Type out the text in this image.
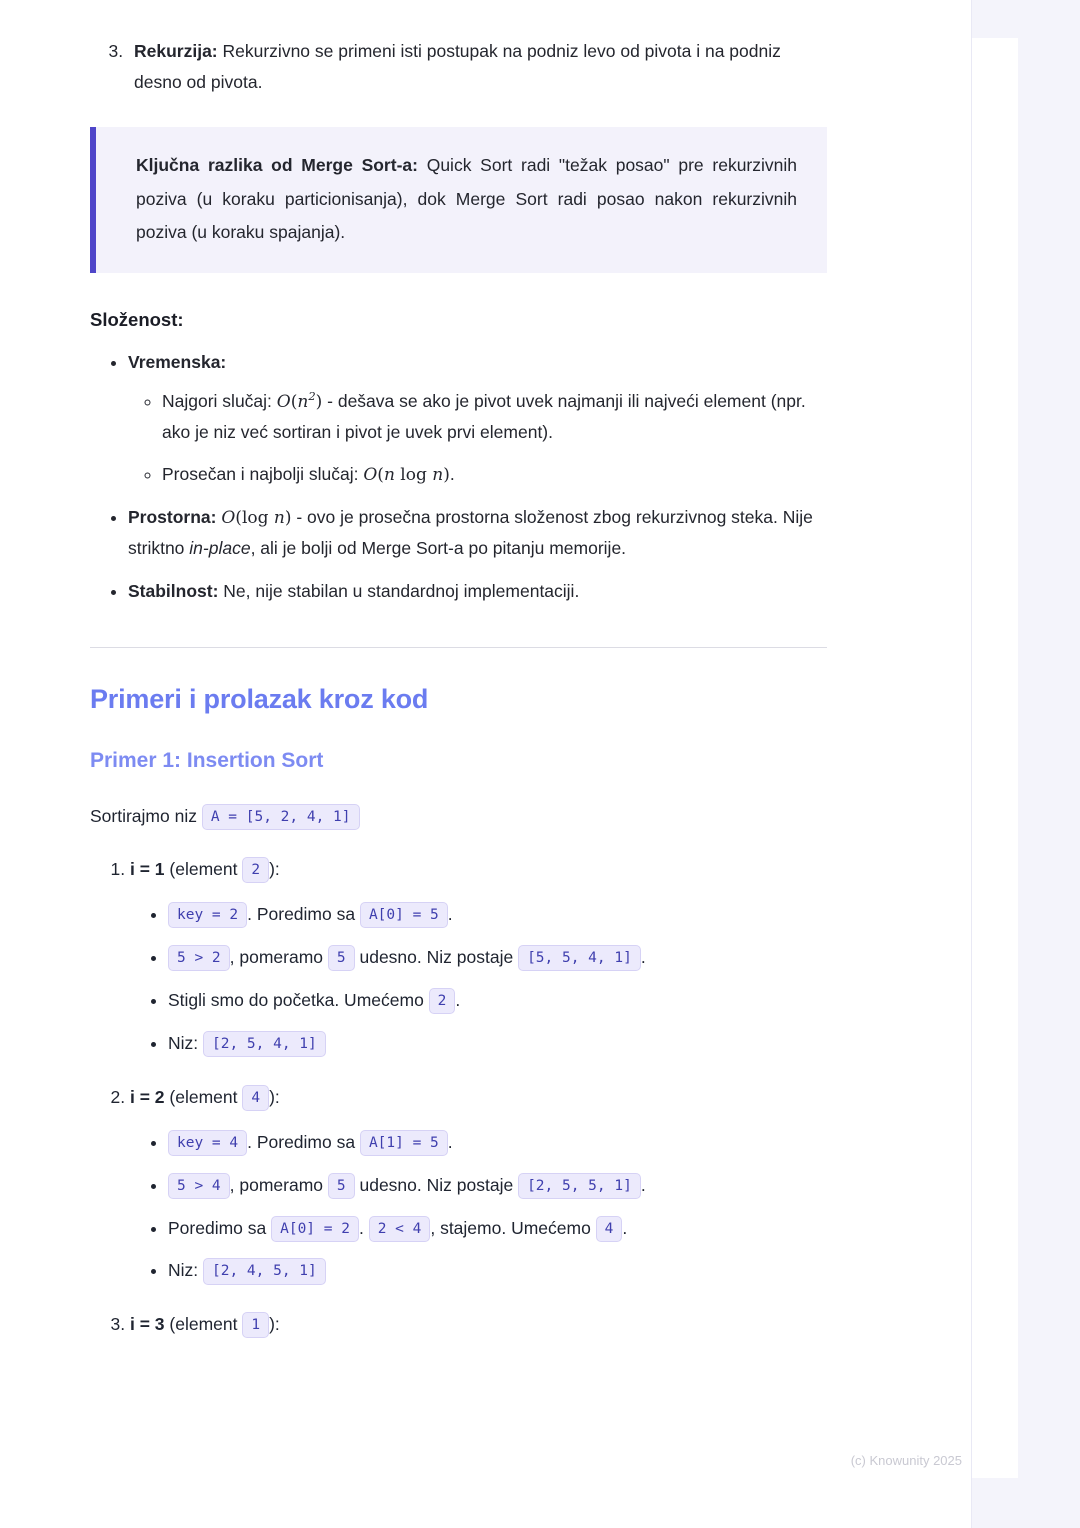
3. Rekurzija: Rekurzivno se primeni isti postupak na podniz levo od pivota i na podniz desno od pivota.

Ključna razlika od Merge Sort-a: Quick Sort radi "težak posao" pre rekurzivnih poziva (u koraku particionisanja), dok Merge Sort radi posao nakon rekurzivnih poziva (u koraku spajanja).

Složenost:
• Vremenska:
◦ Najgori slučaj: $O(n^2)$ - dešava se ako je pivot uvek najmanji ili najveći element (npr. ako je niz već sortiran i pivot je uvek prvi element).
◦ Prosečan i najbolji slučaj: O(n log n).
• Prostorna: O(log n) - ovo je prosečna prostorna složenost zbog rekurzivnog steka. Nije striktno in-place, ali je bolji od Merge Sort-a po pitanju memorije.
• Stabilnost: Ne, nije stabilan u standardnoj implementaciji.
Primeri i prolazak kroz kod
Primer 1: Insertion Sort
Sortirajmo niz A = [5, 2, 4, 1]
1. i = 1 (element 2 ):
• key = 2 . Poredimo sa A[0] = 5 .
• 5 > 2 , pomeramo 5 udesno. Niz postaje [5, 5, 4, 1] .
• Stigli smo do početka. Umećemo 2 .
• Niz: [2, 5, 4, 1]
2. i = 2 (element 4 ):
• key = 4 . Poredimo sa A[1] = 5 .
• 5 > 4 , pomeramo 5 udesno. Niz postaje [2, 5, 5, 1] .
• Poredimo sa A[0] = 2 . 2 < 4 , stajemo. Umećemo 4 .
• Niz: [2, 4, 5, 1]
3. i = 3 (element 1 ):
(c) Knowunity 2025
